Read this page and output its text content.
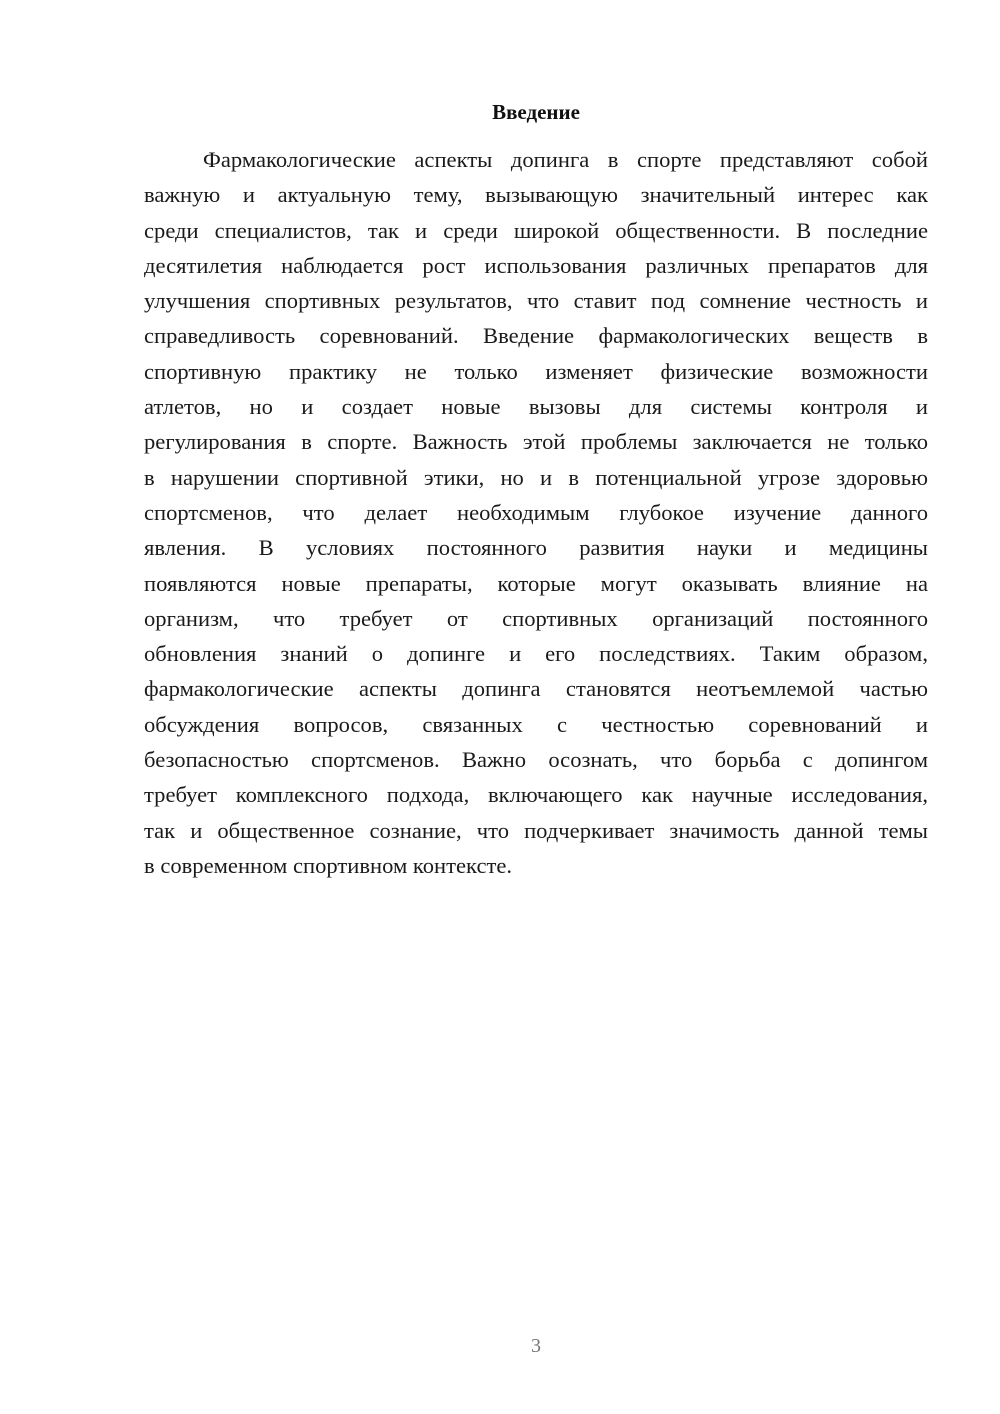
Введение
Фармакологические аспекты допинга в спорте представляют собой
важную и актуальную тему, вызывающую значительный интерес как
среди специалистов, так и среди широкой общественности. В последние
десятилетия наблюдается рост использования различных препаратов для
улучшения спортивных результатов, что ставит под сомнение честность и
справедливость соревнований. Введение фармакологических веществ в
спортивную практику не только изменяет физические возможности
атлетов, но и создает новые вызовы для системы контроля и
регулирования в спорте. Важность этой проблемы заключается не только
в нарушении спортивной этики, но и в потенциальной угрозе здоровью
спортсменов, что делает необходимым глубокое изучение данного
явления. В условиях постоянного развития науки и медицины
появляются новые препараты, которые могут оказывать влияние на
организм, что требует от спортивных организаций постоянного
обновления знаний о допинге и его последствиях. Таким образом,
фармакологические аспекты допинга становятся неотъемлемой частью
обсуждения вопросов, связанных с честностью соревнований и
безопасностью спортсменов. Важно осознать, что борьба с допингом
требует комплексного подхода, включающего как научные исследования,
так и общественное сознание, что подчеркивает значимость данной темы
в современном спортивном контексте.
3
